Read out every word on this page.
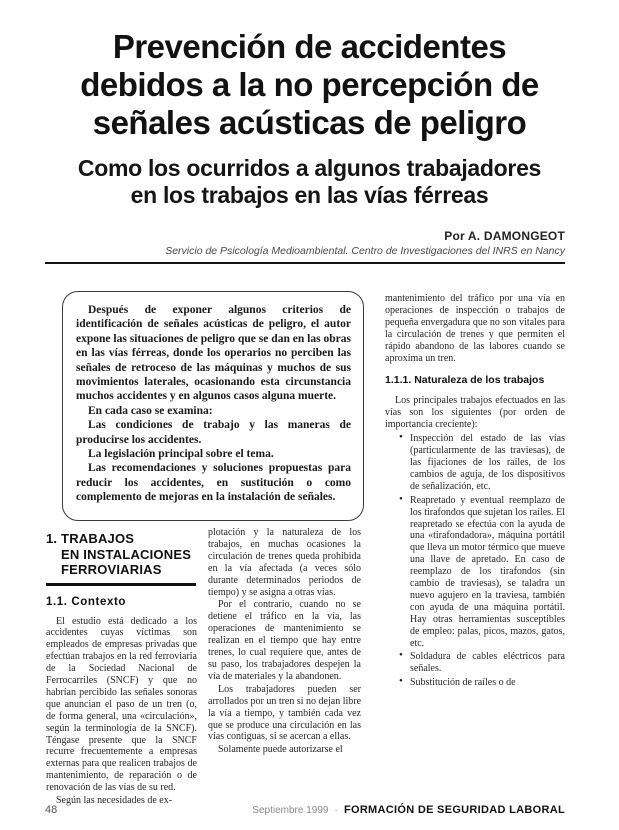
Prevención de accidentes
debidos a la no percepción de
señales acústicas de peligro
Como los ocurridos a algunos trabajadores
en los trabajos en las vías férreas
Por A. DAMONGEOT
Servicio de Psicología Medioambiental. Centro de Investigaciones del INRS en Nancy

Después de exponer algunos criterios de identificación de señales acústicas de peligro, el autor expone las situaciones de peligro que se dan en las obras en las vías férreas, donde los operarios no perciben las señales de retroceso de las máquinas y muchos de sus movimientos laterales, ocasionando esta circunstancia muchos accidentes y en algunos casos alguna muerte.

En cada caso se examina:

Las condiciones de trabajo y las maneras de producirse los accidentes.

La legislación principal sobre el tema.

Las recomendaciones y soluciones propuestas para reducir los accidentes, en sustitución o como complemento de mejoras en la instalación de señales.

mantenimiento del tráfico por una vía en operaciones de inspección o trabajos de pequeña envergadura que no son vitales para la circulación de trenes y que permiten el rápido abandono de las labores cuando se aproxima un tren.

1.1.1. Naturaleza de los trabajos

Los principales trabajos efectuados en las vías son los siguientes (por orden de importancia creciente):

• Inspección del estado de las vías (particularmente de las traviesas), de las fijaciones de los raíles, de los cambios de aguja, de los dispositivos de señalización, etc.
• Reapretado y eventual reemplazo de los tirafondos que sujetan los raíles. El reapretado se efectúa con la ayuda de una «tirafondadora», máquina portátil que lleva un motor térmico que mueve una llave de apretado. En caso de reemplazo de los tirafondos (sin cambio de traviesas), se taladra un nuevo agujero en la traviesa, también con ayuda de una máquina portátil. Hay otras herramientas susceptibles de empleo: palas, picos, mazos, gatos, etc.
• Soldadura de cables eléctricos para señales.
• Substitución de raíles o de
1. TRABAJOS
EN INSTALACIONES
FERROVIARIAS
1.1. Contexto

El estudio está dedicado a los accidentes cuyas víctimas son empleados de empresas privadas que efectúan trabajos en la red ferroviaria de la Sociedad Nacional de Ferrocarriles (SNCF) y que no habrían percibido las señales sonoras que anuncian el paso de un tren (o, de forma general, una «circulación», según la terminología de la SNCF). Téngase presente que la SNCF recurre frecuentemente a empresas externas para que realicen trabajos de mantenimiento, de reparación o de renovación de las vías de su red.

Según las necesidades de ex-

plotación y la naturaleza de los trabajos, en muchas ocasiones la circulación de trenes queda prohibida en la vía afectada (a veces sólo durante determinados periodos de tiempo) y se asigna a otras vías.

Por el contrario, cuando no se detiene el tráfico en la vía, las operaciones de mantenimiento se realizan en el tiempo que hay entre trenes, lo cual requiere que, antes de su paso, los trabajadores despejen la vía de materiales y la abandonen.

Los trabajadores pueden ser arrollados por un tren si no dejan libre la vía a tiempo, y también cada vez que se produce una circulación en las vías contiguas, si se acercan a ellas.

Solamente puede autorizarse el

48	Septiembre 1999 · FORMACIÓN DE SEGURIDAD LABORAL
